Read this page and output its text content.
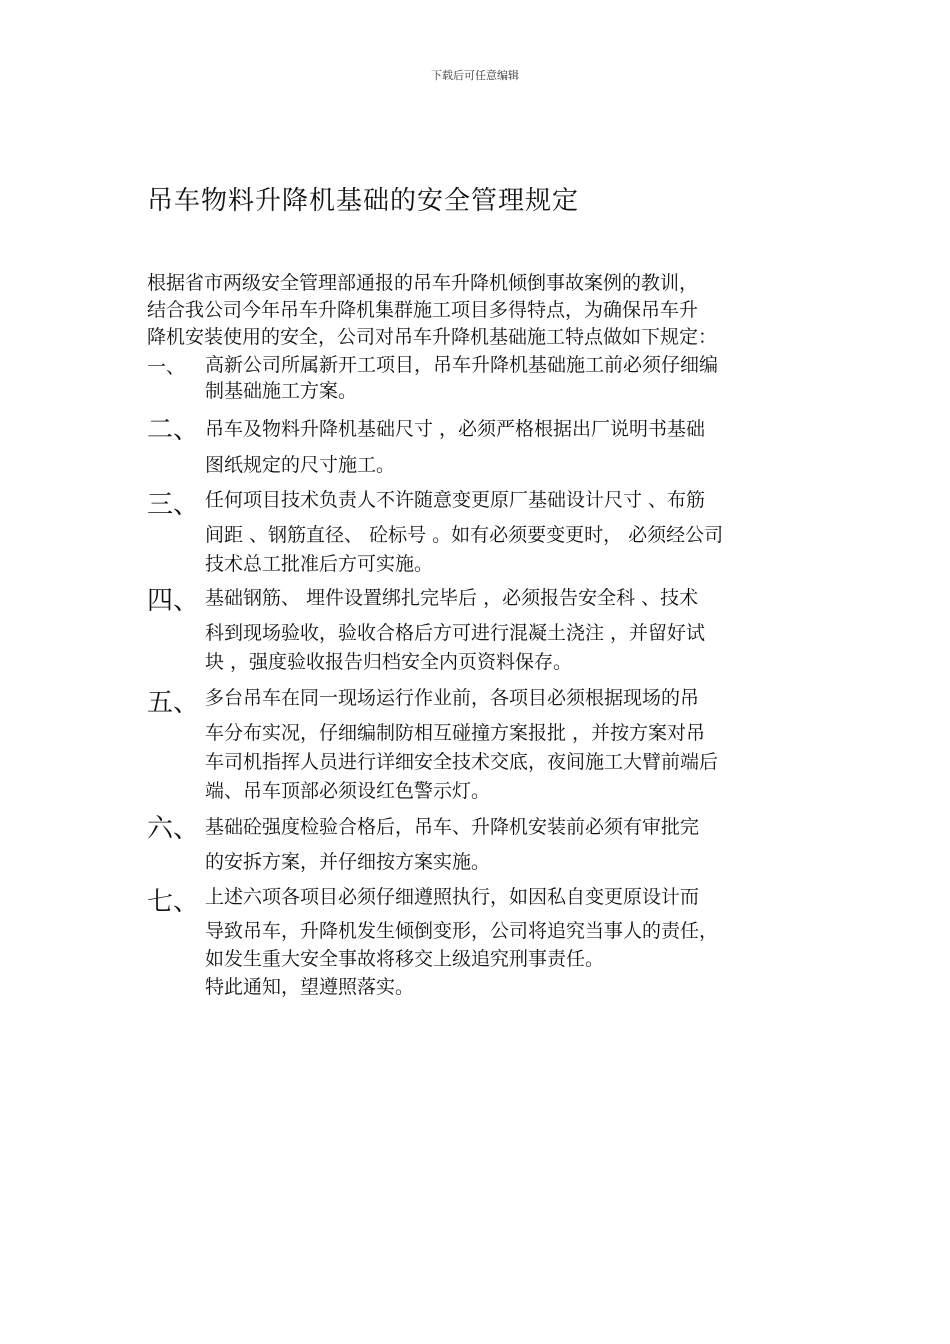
下载后可任意编辑
吊车物料升降机基础的安全管理规定
根据省市两级安全管理部通报的吊车升降机倾倒事故案例的教训，
结合我公司今年吊车升降机集群施工项目多得特点，为确保吊车升
降机安装使用的安全，公司对吊车升降机基础施工特点做如下规定：
一、 高新公司所属新开工项目，吊车升降机基础施工前必须仔细编
制基础施工方案。
二、 吊车及物料升降机基础尺寸 ，必须严格根据出厂说明书基础
图纸规定的尺寸施工。
三、 任何项目技术负责人不许随意变更原厂基础设计尺寸 、布筋
间距 、钢筋直径、 砼标号 。如有必须要变更时， 必须经公司
技术总工批准后方可实施。
四、 基础钢筋、 埋件设置绑扎完毕后 ，必须报告安全科 、技术
科到现场验收，验收合格后方可进行混凝土浇注 ，并留好试
块 ，强度验收报告归档安全内页资料保存。
五、 多台吊车在同一现场运行作业前，各项目必须根据现场的吊
车分布实况，仔细编制防相互碰撞方案报批 ，并按方案对吊
车司机指挥人员进行详细安全技术交底，夜间施工大臂前端后
端、吊车顶部必须设红色警示灯。
六、 基础砼强度检验合格后，吊车、升降机安装前必须有审批完
的安拆方案，并仔细按方案实施。
七、 上述六项各项目必须仔细遵照执行，如因私自变更原设计而
导致吊车，升降机发生倾倒变形，公司将追究当事人的责任，
如发生重大安全事故将移交上级追究刑事责任。
特此通知，望遵照落实。
